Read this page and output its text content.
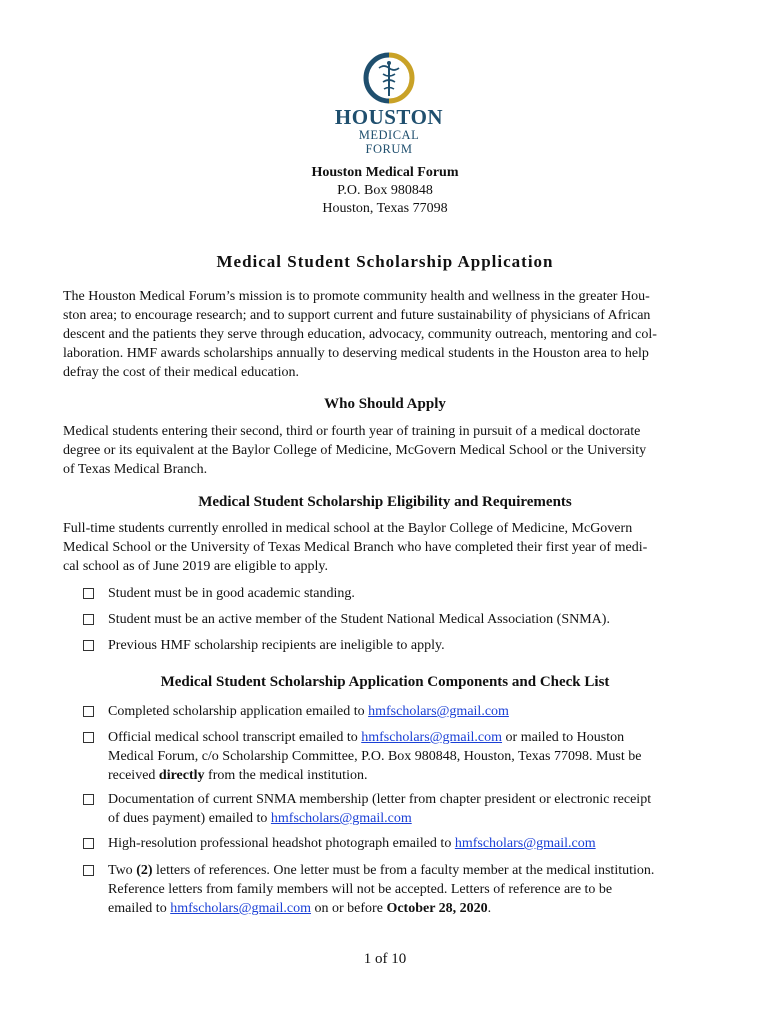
HOUSTON
MEDICAL FORUM
Houston Medical Forum
P.O. Box 980848
Houston, Texas 77098
Medical Student Scholarship Application
The Houston Medical Forum’s mission is to promote community health and wellness in the greater Hou-
ston area; to encourage research; and to support current and future sustainability of physicians of African
descent and the patients they serve through education, advocacy, community outreach, mentoring and col-
laboration. HMF awards scholarships annually to deserving medical students in the Houston area to help
defray the cost of their medical education.
Who Should Apply
Medical students entering their second, third or fourth year of training in pursuit of a medical doctorate
degree or its equivalent at the Baylor College of Medicine, McGovern Medical School or the University
of Texas Medical Branch.
Medical Student Scholarship Eligibility and Requirements
Full-time students currently enrolled in medical school at the Baylor College of Medicine, McGovern
Medical School or the University of Texas Medical Branch who have completed their first year of medi-
cal school as of June 2019 are eligible to apply.
Student must be in good academic standing.
Student must be an active member of the Student National Medical Association (SNMA).
Previous HMF scholarship recipients are ineligible to apply.
Medical Student Scholarship Application Components and Check List
Completed scholarship application emailed to hmfscholars@gmail.com
Official medical school transcript emailed to hmfscholars@gmail.com or mailed to Houston
Medical Forum, c/o Scholarship Committee, P.O. Box 980848, Houston, Texas 77098. Must be
received directly from the medical institution.
Documentation of current SNMA membership (letter from chapter president or electronic receipt
of dues payment) emailed to hmfscholars@gmail.com
High-resolution professional headshot photograph emailed to hmfscholars@gmail.com
Two (2) letters of references. One letter must be from a faculty member at the medical institution.
Reference letters from family members will not be accepted. Letters of reference are to be
emailed to hmfscholars@gmail.com on or before October 28, 2020.
1 of 10
